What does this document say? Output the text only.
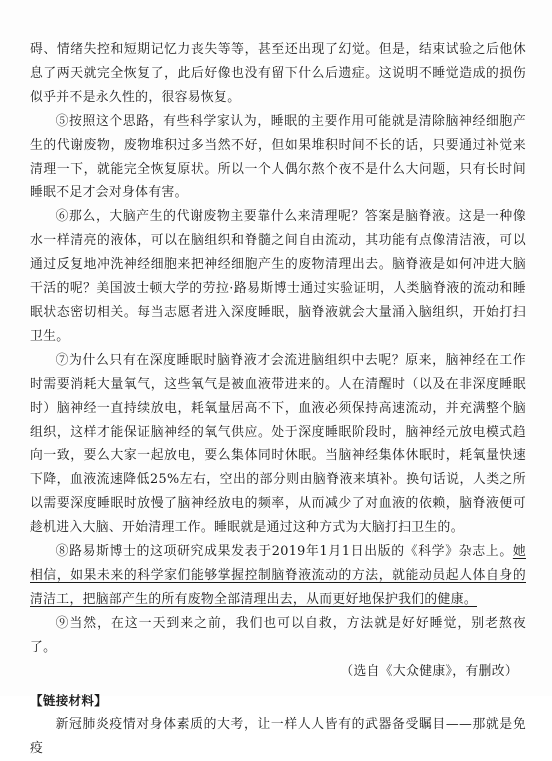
碍、情绪失控和短期记忆力丧失等等，甚至还出现了幻觉。但是，结束试验之后他休息了两天就完全恢复了，此后好像也没有留下什么后遗症。这说明不睡觉造成的损伤似乎并不是永久性的，很容易恢复。

⑤按照这个思路，有些科学家认为，睡眠的主要作用可能就是清除脑神经细胞产生的代谢废物，废物堆积过多当然不好，但如果堆积时间不长的话，只要通过补觉来清理一下，就能完全恢复原状。所以一个人偶尔熬个夜不是什么大问题，只有长时间睡眠不足才会对身体有害。

⑥那么，大脑产生的代谢废物主要靠什么来清理呢？答案是脑脊液。这是一种像水一样清亮的液体，可以在脑组织和脊髓之间自由流动，其功能有点像清洁液，可以通过反复地冲洗神经细胞来把神经细胞产生的废物清理出去。脑脊液是如何冲进大脑干活的呢？美国波士顿大学的劳拉·路易斯博士通过实验证明，人类脑脊液的流动和睡眠状态密切相关。每当志愿者进入深度睡眠，脑脊液就会大量涌入脑组织，开始打扫卫生。

⑦为什么只有在深度睡眠时脑脊液才会流进脑组织中去呢？原来，脑神经在工作时需要消耗大量氧气，这些氧气是被血液带进来的。人在清醒时（以及在非深度睡眠时）脑神经一直持续放电，耗氧量居高不下，血液必须保持高速流动，并充满整个脑组织，这样才能保证脑神经的氧气供应。处于深度睡眠阶段时，脑神经元放电模式趋向一致，要么大家一起放电，要么集体同时休眠。当脑神经集体休眠时，耗氧量快速下降，血液流速降低25%左右，空出的部分则由脑脊液来填补。换句话说，人类之所以需要深度睡眠时放慢了脑神经放电的频率，从而减少了对血液的依赖，脑脊液便可趁机进入大脑、开始清理工作。睡眠就是通过这种方式为大脑打扫卫生的。

⑧路易斯博士的这项研究成果发表于2019年1月1日出版的《科学》杂志上。她相信，如果未来的科学家们能够掌握控制脑脊液流动的方法，就能动员起人体自身的清洁工，把脑部产生的所有废物全部清理出去，从而更好地保护我们的健康。

⑨当然，在这一天到来之前，我们也可以自救，方法就是好好睡觉，别老熬夜了。

（选自《大众健康》，有删改）

【链接材料】

新冠肺炎疫情对身体素质的大考，让一样人人皆有的武器备受瞩目——那就是免疫
